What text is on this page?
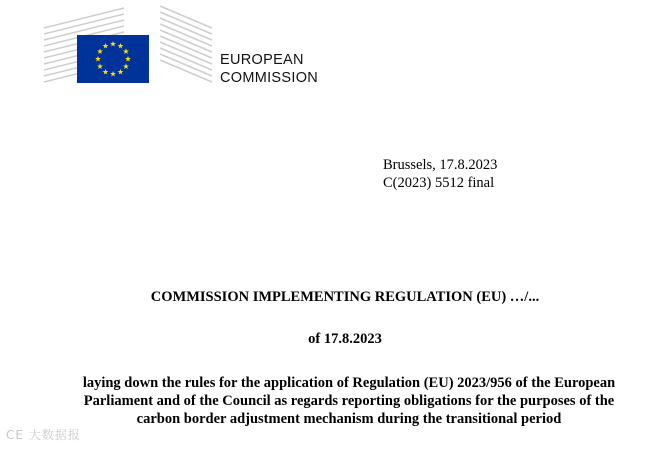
EUROPEAN
COMMISSION
Brussels, 17.8.2023
C(2023) 5512 final
COMMISSION IMPLEMENTING REGULATION (EU) …/...
of 17.8.2023
laying down the rules for the application of Regulation (EU) 2023/956 of the European
Parliament and of the Council as regards reporting obligations for the purposes of the
carbon border adjustment mechanism during the transitional period
CE 大数据报
